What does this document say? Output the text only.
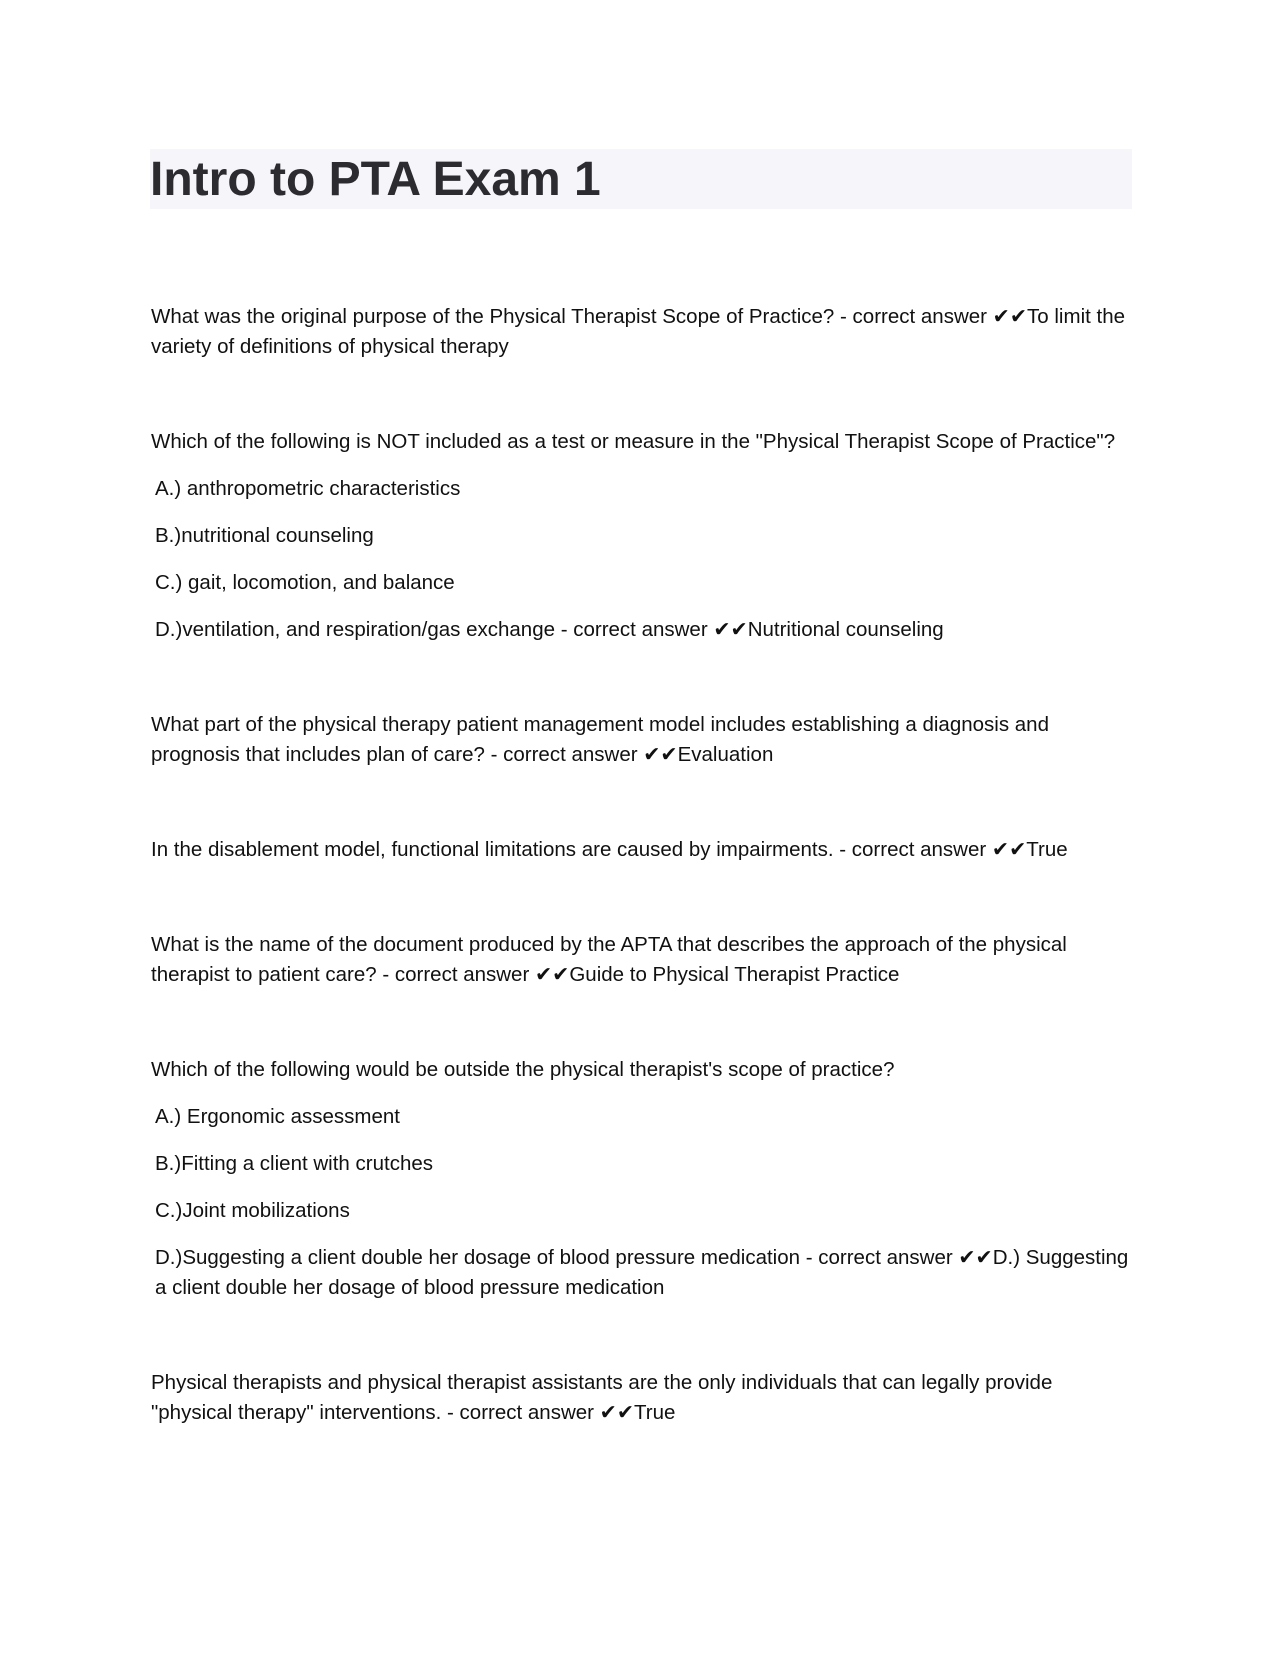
Intro to PTA Exam 1

What was the original purpose of the Physical Therapist Scope of Practice? - correct answer ✔✔To limit the variety of definitions of physical therapy

Which of the following is NOT included as a test or measure in the "Physical Therapist Scope of Practice"?

A.) anthropometric characteristics

B.)nutritional counseling

C.) gait, locomotion, and balance

D.)ventilation, and respiration/gas exchange - correct answer ✔✔Nutritional counseling

What part of the physical therapy patient management model includes establishing a diagnosis and prognosis that includes plan of care? - correct answer ✔✔Evaluation

In the disablement model, functional limitations are caused by impairments. - correct answer ✔✔True

What is the name of the document produced by the APTA that describes the approach of the physical therapist to patient care? - correct answer ✔✔Guide to Physical Therapist Practice

Which of the following would be outside the physical therapist's scope of practice?

A.) Ergonomic assessment

B.)Fitting a client with crutches

C.)Joint mobilizations

D.)Suggesting a client double her dosage of blood pressure medication - correct answer ✔✔D.) Suggesting a client double her dosage of blood pressure medication

Physical therapists and physical therapist assistants are the only individuals that can legally provide "physical therapy" interventions. - correct answer ✔✔True
